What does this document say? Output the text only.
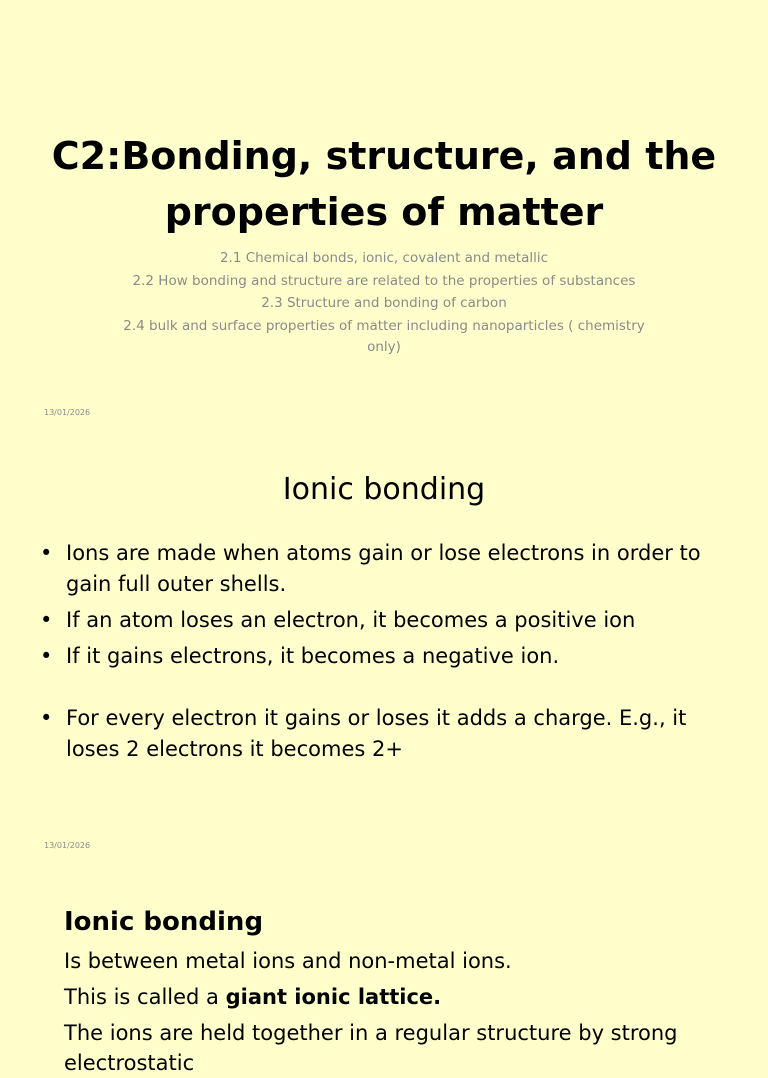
C2:Bonding, structure, and the properties of matter
2.1 Chemical bonds, ionic, covalent and metallic
2.2 How bonding and structure are related to the properties of substances
2.3 Structure and bonding of carbon
2.4 bulk and surface properties of matter including nanoparticles ( chemistry only)
13/01/2026
Ionic bonding
• Ions are made when atoms gain or lose electrons in order to gain full outer shells.
• If an atom loses an electron, it becomes a positive ion
• If it gains electrons, it becomes a negative ion.
• For every electron it gains or loses it adds a charge. E.g., it loses 2 electrons it becomes 2+
13/01/2026
Ionic bonding

Is between metal ions and non-metal ions.

This is called a giant ionic lattice.

The ions are held together in a regular structure by strong electrostatic
